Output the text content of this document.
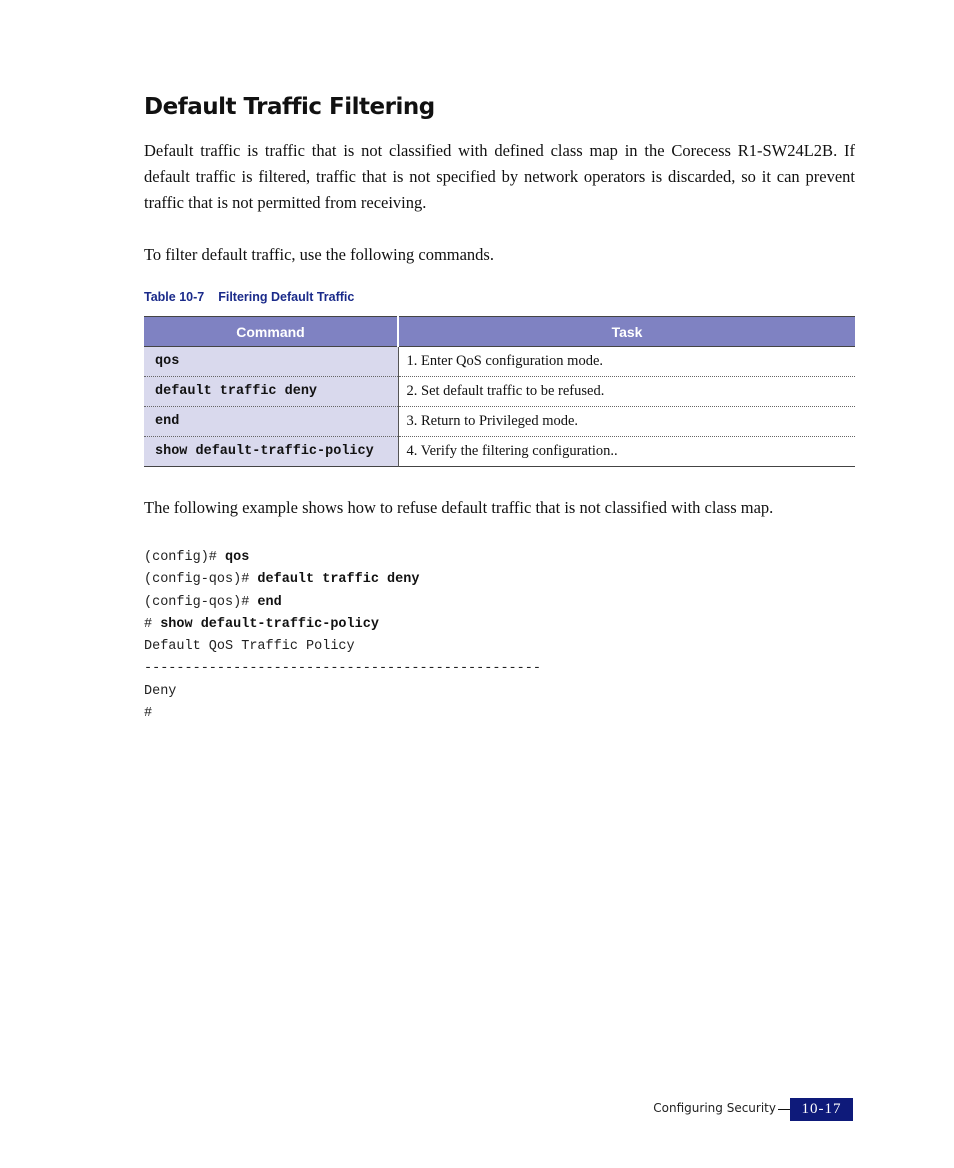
Default Traffic Filtering

Default traffic is traffic that is not classified with defined class map in the Corecess R1-SW24L2B. If default traffic is filtered, traffic that is not specified by network operators is discarded, so it can prevent traffic that is not permitted from receiving.

To filter default traffic, use the following commands.

Table 10-7 Filtering Default Traffic
Command	Task
qos	1. Enter QoS configuration mode.
default traffic deny	2. Set default traffic to be refused.
end	3. Return to Privileged mode.
show default-traffic-policy	4. Verify the filtering configuration..

The following example shows how to refuse default traffic that is not classified with class map.

(config)# qos
(config-qos)# default traffic deny
(config-qos)# end
# show default-traffic-policy
Default QoS Traffic Policy
-------------------------------------------------
Deny
#
Configuring Security	10-17
